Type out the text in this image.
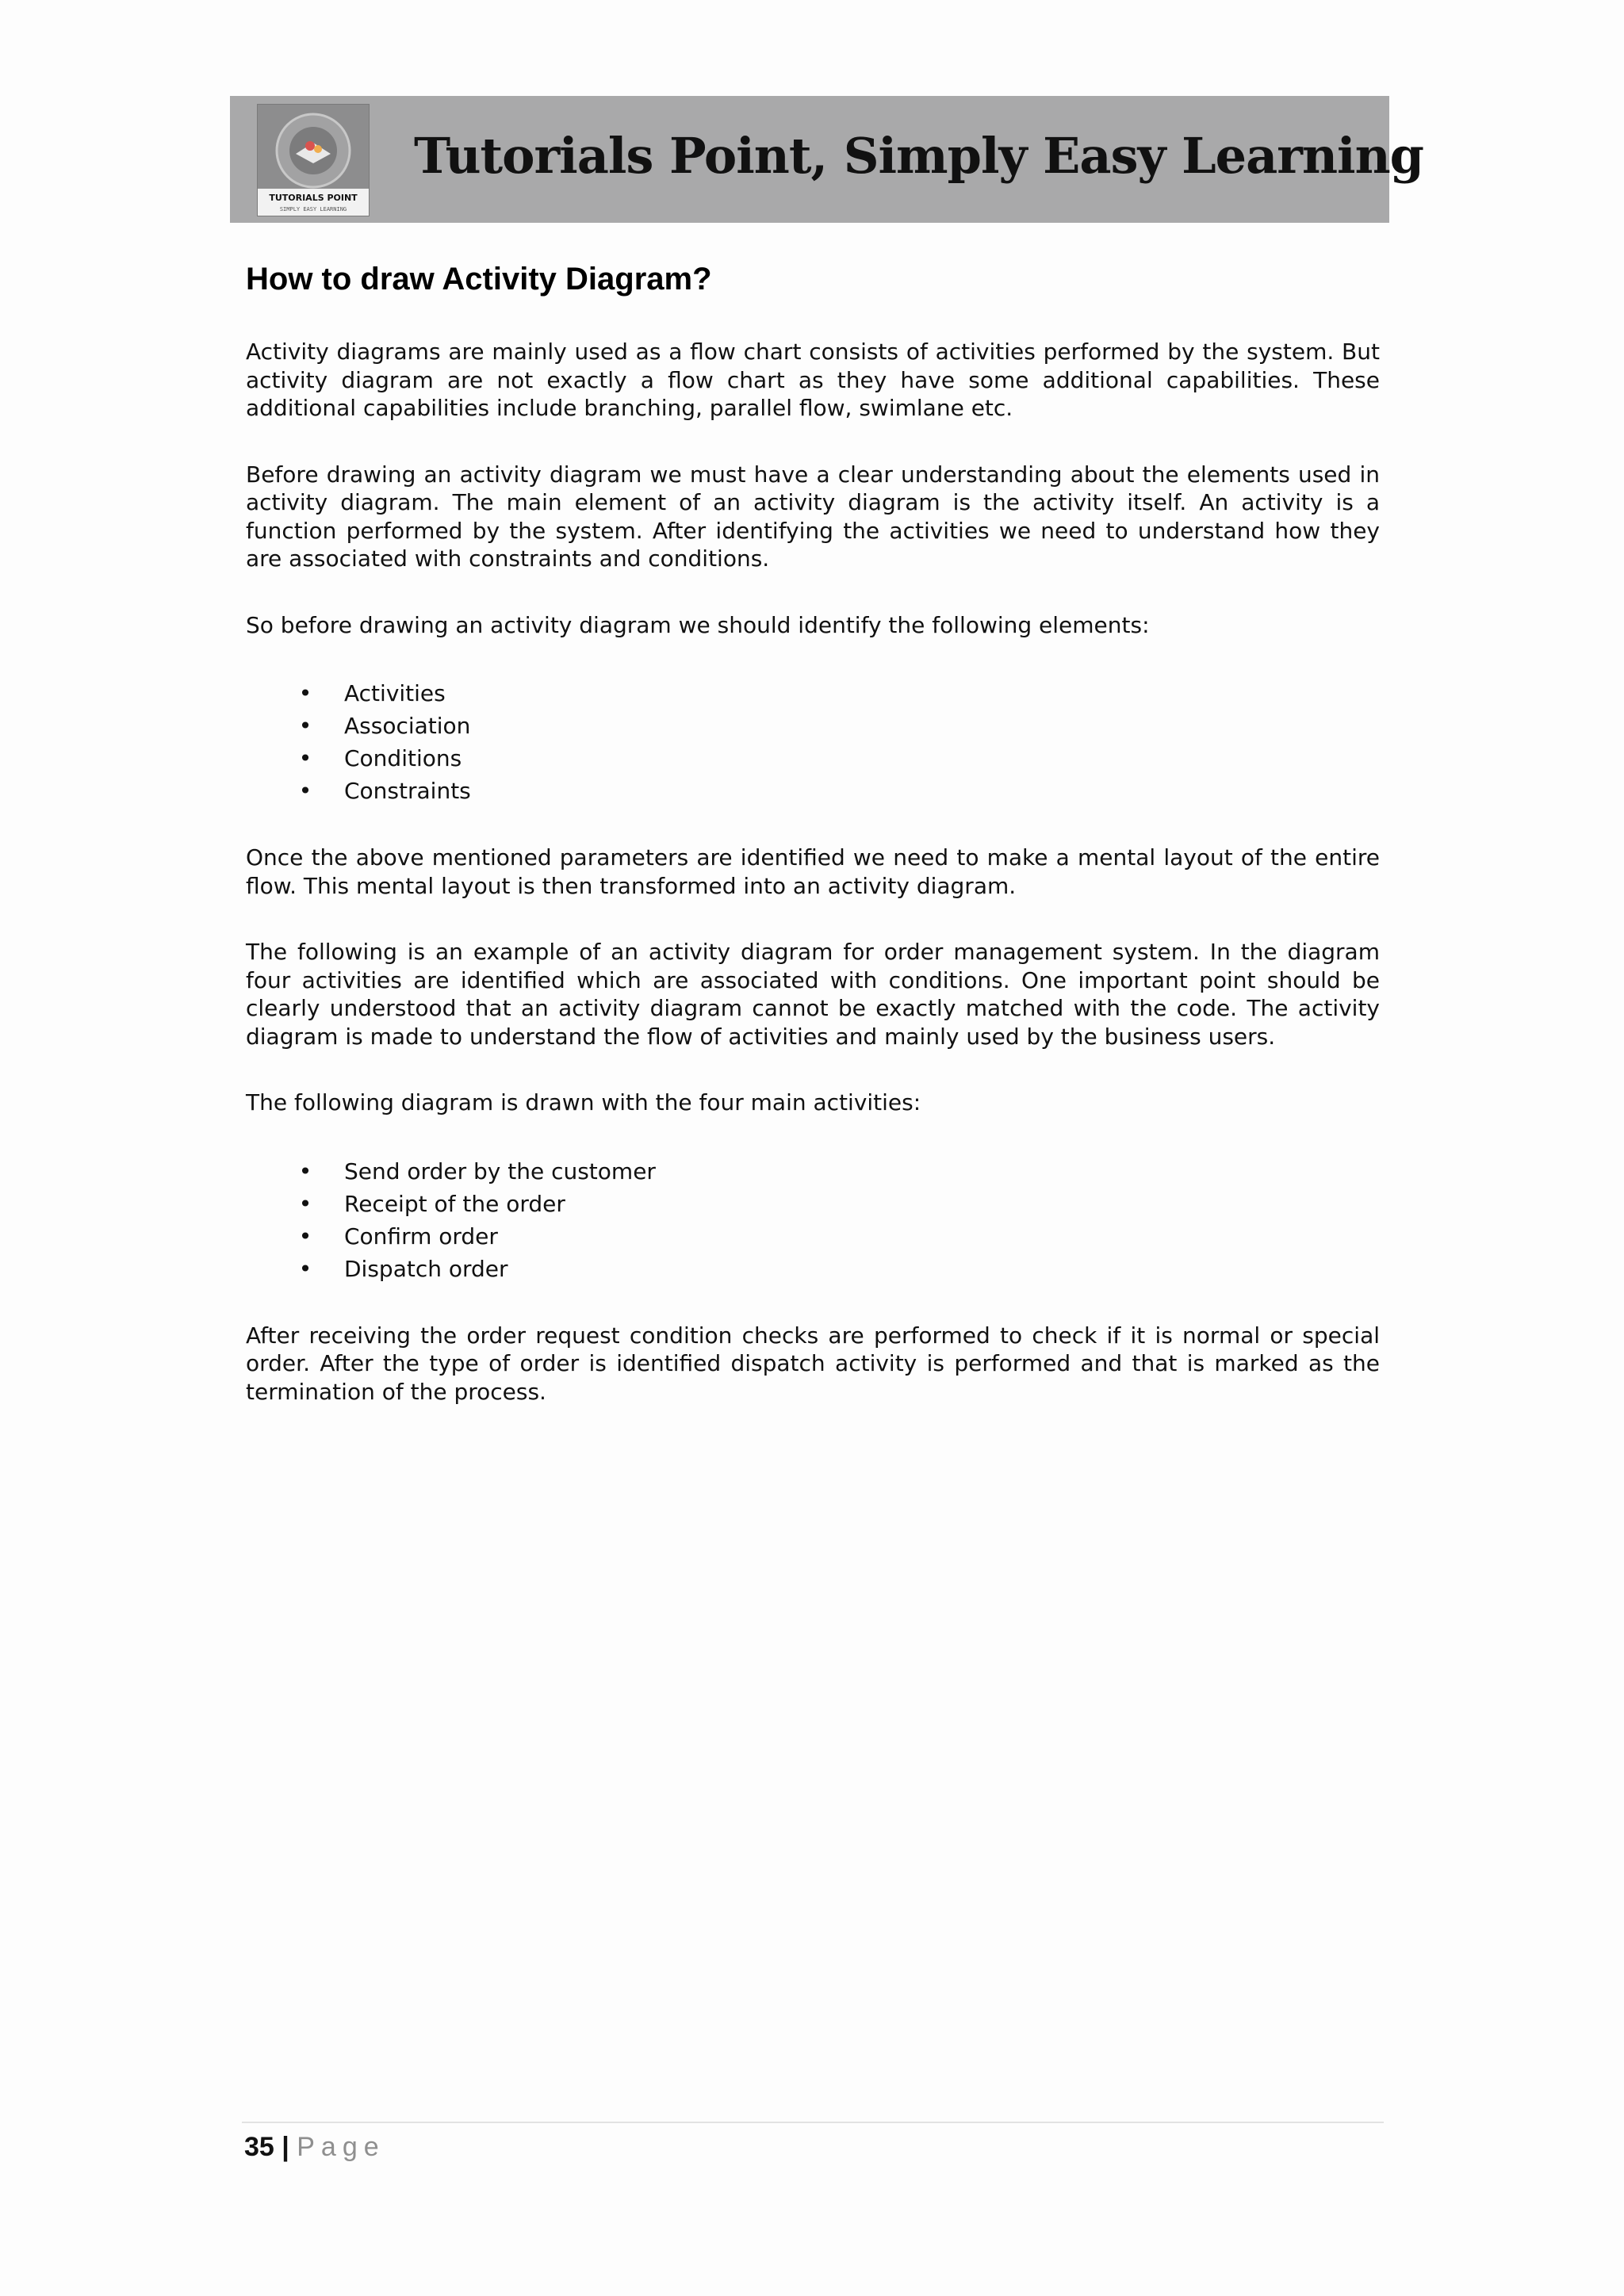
TUTORIALS POINT
SIMPLY EASY LEARNING
Tutorials Point, Simply Easy Learning
How to draw Activity Diagram?

Activity diagrams are mainly used as a flow chart consists of activities performed by the system. But activity diagram are not exactly a flow chart as they have some additional capabilities. These additional capabilities include branching, parallel flow, swimlane etc.

Before drawing an activity diagram we must have a clear understanding about the elements used in activity diagram. The main element of an activity diagram is the activity itself. An activity is a function performed by the system. After identifying the activities we need to understand how they are associated with constraints and conditions.

So before drawing an activity diagram we should identify the following elements:

• Activities
• Association
• Conditions
• Constraints

Once the above mentioned parameters are identified we need to make a mental layout of the entire flow. This mental layout is then transformed into an activity diagram.

The following is an example of an activity diagram for order management system. In the diagram four activities are identified which are associated with conditions. One important point should be clearly understood that an activity diagram cannot be exactly matched with the code. The activity diagram is made to understand the flow of activities and mainly used by the business users.

The following diagram is drawn with the four main activities:

• Send order by the customer
• Receipt of the order
• Confirm order
• Dispatch order

After receiving the order request condition checks are performed to check if it is normal or special order. After the type of order is identified dispatch activity is performed and that is marked as the termination of the process.

35 | Page
